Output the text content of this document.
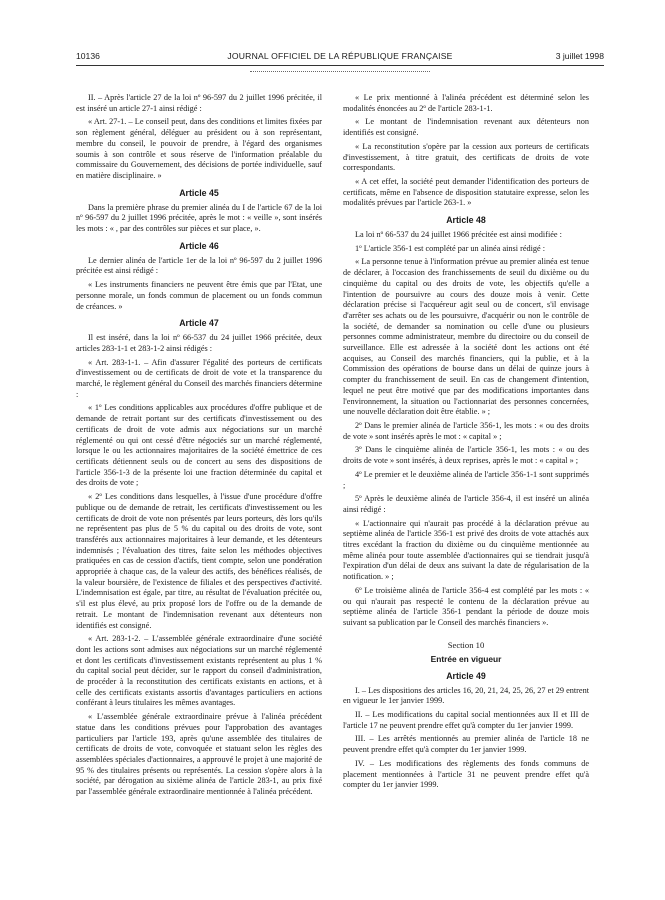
10136	JOURNAL OFFICIEL DE LA RÉPUBLIQUE FRANÇAISE	3 juillet 1998

II. – Après l'article 27 de la loi nº 96-597 du 2 juillet 1996 précitée, il est inséré un article 27-1 ainsi rédigé :

« Art. 27-1. – Le conseil peut, dans des conditions et limites fixées par son règlement général, déléguer au président ou à son représentant, membre du conseil, le pouvoir de prendre, à l'égard des organismes soumis à son contrôle et sous réserve de l'information préalable du commissaire du Gouvernement, des décisions de portée individuelle, sauf en matière disciplinaire. »

Article 45

Dans la première phrase du premier alinéa du I de l'article 67 de la loi nº 96-597 du 2 juillet 1996 précitée, après le mot : « veille », sont insérés les mots : « , par des contrôles sur pièces et sur place, ».

Article 46

Le dernier alinéa de l'article 1er de la loi nº 96-597 du 2 juillet 1996 précitée est ainsi rédigé :

« Les instruments financiers ne peuvent être émis que par l'Etat, une personne morale, un fonds commun de placement ou un fonds commun de créances. »

Article 47

Il est inséré, dans la loi nº 66-537 du 24 juillet 1966 précitée, deux articles 283-1-1 et 283-1-2 ainsi rédigés :

« Art. 283-1-1. – Afin d'assurer l'égalité des porteurs de certificats d'investissement ou de certificats de droit de vote et la transparence du marché, le règlement général du Conseil des marchés financiers détermine :

« 1º Les conditions applicables aux procédures d'offre publique et de demande de retrait portant sur des certificats d'investissement ou des certificats de droit de vote admis aux négociations sur un marché réglementé ou qui ont cessé d'être négociés sur un marché réglementé, lorsque le ou les actionnaires majoritaires de la société émettrice de ces certificats détiennent seuls ou de concert au sens des dispositions de l'article 356-1-3 de la présente loi une fraction déterminée du capital et des droits de vote ;

« 2º Les conditions dans lesquelles, à l'issue d'une procédure d'offre publique ou de demande de retrait, les certificats d'investissement ou les certificats de droit de vote non présentés par leurs porteurs, dès lors qu'ils ne représentent pas plus de 5 % du capital ou des droits de vote, sont transférés aux actionnaires majoritaires à leur demande, et les détenteurs indemnisés ; l'évaluation des titres, faite selon les méthodes objectives pratiquées en cas de cession d'actifs, tient compte, selon une pondération appropriée à chaque cas, de la valeur des actifs, des bénéfices réalisés, de la valeur boursière, de l'existence de filiales et des perspectives d'activité. L'indemnisation est égale, par titre, au résultat de l'évaluation précitée ou, s'il est plus élevé, au prix proposé lors de l'offre ou de la demande de retrait. Le montant de l'indemnisation revenant aux détenteurs non identifiés est consigné.

« Art. 283-1-2. – L'assemblée générale extraordinaire d'une société dont les actions sont admises aux négociations sur un marché réglementé et dont les certificats d'investissement existants représentent au plus 1 % du capital social peut décider, sur le rapport du conseil d'administration, de procéder à la reconstitution des certificats existants en actions, et à celle des certificats existants assortis d'avantages particuliers en actions conférant à leurs titulaires les mêmes avantages.

« L'assemblée générale extraordinaire prévue à l'alinéa précédent statue dans les conditions prévues pour l'approbation des avantages particuliers par l'article 193, après qu'une assemblée des titulaires de certificats de droits de vote, convoquée et statuant selon les règles des assemblées spéciales d'actionnaires, a approuvé le projet à une majorité de 95 % des titulaires présents ou représentés. La cession s'opère alors à la société, par dérogation au sixième alinéa de l'article 283-1, au prix fixé par l'assemblée générale extraordinaire mentionnée à l'alinéa précédent.

« Le prix mentionné à l'alinéa précédent est déterminé selon les modalités énoncées au 2º de l'article 283-1-1.

« Le montant de l'indemnisation revenant aux détenteurs non identifiés est consigné.

« La reconstitution s'opère par la cession aux porteurs de certificats d'investissement, à titre gratuit, des certificats de droits de vote correspondants.

« A cet effet, la société peut demander l'identification des porteurs de certificats, même en l'absence de disposition statutaire expresse, selon les modalités prévues par l'article 263-1. »

Article 48

La loi nº 66-537 du 24 juillet 1966 précitée est ainsi modifiée :

1º L'article 356-1 est complété par un alinéa ainsi rédigé :

« La personne tenue à l'information prévue au premier alinéa est tenue de déclarer, à l'occasion des franchissements de seuil du dixième ou du cinquième du capital ou des droits de vote, les objectifs qu'elle a l'intention de poursuivre au cours des douze mois à venir. Cette déclaration précise si l'acquéreur agit seul ou de concert, s'il envisage d'arrêter ses achats ou de les poursuivre, d'acquérir ou non le contrôle de la société, de demander sa nomination ou celle d'une ou plusieurs personnes comme administrateur, membre du directoire ou du conseil de surveillance. Elle est adressée à la société dont les actions ont été acquises, au Conseil des marchés financiers, qui la publie, et à la Commission des opérations de bourse dans un délai de quinze jours à compter du franchissement de seuil. En cas de changement d'intention, lequel ne peut être motivé que par des modifications importantes dans l'environnement, la situation ou l'actionnariat des personnes concernées, une nouvelle déclaration doit être établie. » ;

2º Dans le premier alinéa de l'article 356-1, les mots : « ou des droits de vote » sont insérés après le mot : « capital » ;

3º Dans le cinquième alinéa de l'article 356-1, les mots : « ou des droits de vote » sont insérés, à deux reprises, après le mot : « capital » ;

4º Le premier et le deuxième alinéa de l'article 356-1-1 sont supprimés ;

5º Après le deuxième alinéa de l'article 356-4, il est inséré un alinéa ainsi rédigé :

« L'actionnaire qui n'aurait pas procédé à la déclaration prévue au septième alinéa de l'article 356-1 est privé des droits de vote attachés aux titres excédant la fraction du dixième ou du cinquième mentionnée au même alinéa pour toute assemblée d'actionnaires qui se tiendrait jusqu'à l'expiration d'un délai de deux ans suivant la date de régularisation de la notification. » ;

6º Le troisième alinéa de l'article 356-4 est complété par les mots : « ou qui n'aurait pas respecté le contenu de la déclaration prévue au septième alinéa de l'article 356-1 pendant la période de douze mois suivant sa publication par le Conseil des marchés financiers ».

Section 10
Entrée en vigueur
Article 49

I. – Les dispositions des articles 16, 20, 21, 24, 25, 26, 27 et 29 entrent en vigueur le 1er janvier 1999.

II. – Les modifications du capital social mentionnées aux II et III de l'article 17 ne peuvent prendre effet qu'à compter du 1er janvier 1999.

III. – Les arrêtés mentionnés au premier alinéa de l'article 18 ne peuvent prendre effet qu'à compter du 1er janvier 1999.

IV. – Les modifications des règlements des fonds communs de placement mentionnées à l'article 31 ne peuvent prendre effet qu'à compter du 1er janvier 1999.
